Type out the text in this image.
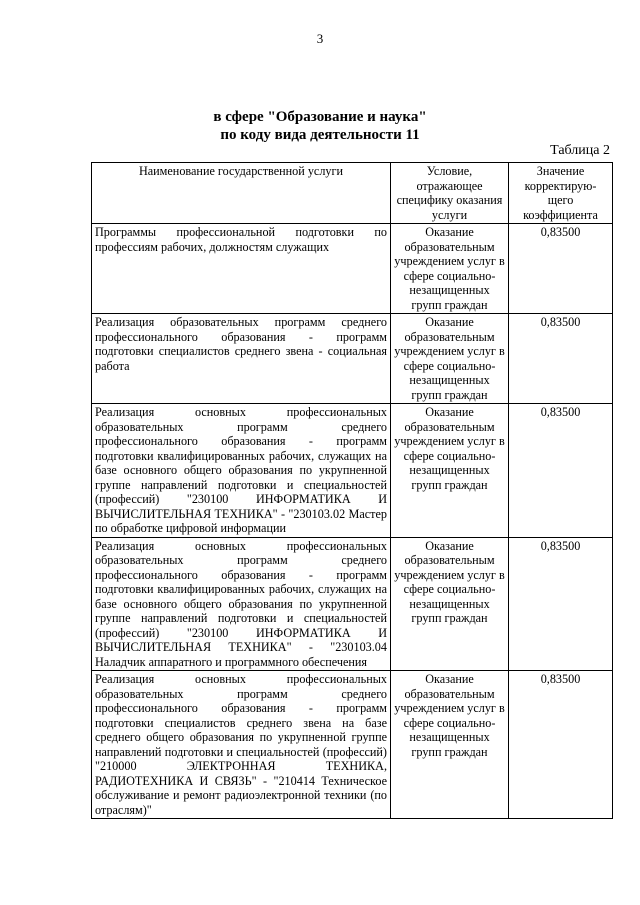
3
в сфере "Образование и наука"
по коду вида деятельности 11
Таблица 2
Наименование государственной услуги	Условие, отражающее специфику оказания услуги	Значение корректирую-щего коэффициента
Программы профессиональной подготовки по профессиям рабочих, должностям служащих	Оказание образовательным учреждением услуг в сфере социально-незащищенных групп граждан	0,83500
Реализация образовательных программ среднего профессионального образования - программ подготовки специалистов среднего звена - социальная работа	Оказание образовательным учреждением услуг в сфере социально-незащищенных групп граждан	0,83500
Реализация основных профессиональных образовательных программ среднего профессионального образования - программ подготовки квалифицированных рабочих, служащих на базе основного общего образования по укрупненной группе направлений подготовки и специальностей (профессий) "230100 ИНФОРМАТИКА И ВЫЧИСЛИТЕЛЬНАЯ ТЕХНИКА" - "230103.02 Мастер по обработке цифровой информации	Оказание образовательным учреждением услуг в сфере социально-незащищенных групп граждан	0,83500
Реализация основных профессиональных образовательных программ среднего профессионального образования - программ подготовки квалифицированных рабочих, служащих на базе основного общего образования по укрупненной группе направлений подготовки и специальностей (профессий) "230100 ИНФОРМАТИКА И ВЫЧИСЛИТЕЛЬНАЯ ТЕХНИКА" - "230103.04 Наладчик аппаратного и программного обеспечения	Оказание образовательным учреждением услуг в сфере социально-незащищенных групп граждан	0,83500
Реализация основных профессиональных образовательных программ среднего профессионального образования - программ подготовки специалистов среднего звена на базе среднего общего образования по укрупненной группе направлений подготовки и специальностей (профессий) "210000 ЭЛЕКТРОННАЯ ТЕХНИКА, РАДИОТЕХНИКА И СВЯЗЬ" - "210414 Техническое обслуживание и ремонт радиоэлектронной техники (по отраслям)"	Оказание образовательным учреждением услуг в сфере социально-незащищенных групп граждан	0,83500
